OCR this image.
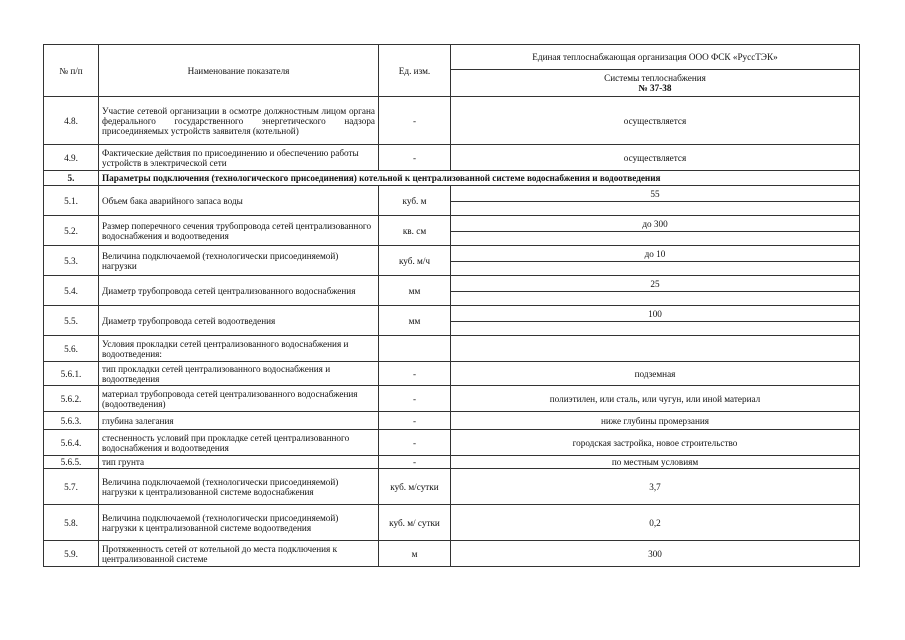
№ п/п	Наименование показателя	Ед. изм.	Единая теплоснабжающая организация ООО ФСК «РуссТЭК»

			Системы теплоснабжения
№ 37-38

4.8.	Участие сетевой организации в осмотре должностным лицом органа федерального государственного энергетического надзора присоединяемых устройств заявителя (котельной)	-	осуществляется
4.9.	Фактические действия по присоединению и обеспечению работы устройств в электрической сети	-	осуществляется
5.	Параметры подключения (технологического присоединения) котельной к централизованной системе водоснабжения и водоотведения		
5.1.	Объем бака аварийного запаса воды	куб. м	55

5.2.	Размер поперечного сечения трубопровода сетей централизованного водоснабжения и водоотведения	кв. см	до 300

5.3.	Величина подключаемой (технологически присоединяемой) нагрузки	куб. м/ч	до 10

5.4.	Диаметр трубопровода сетей централизованного водоснабжения	мм	25

5.5.	Диаметр трубопровода сетей водоотведения	мм	100

5.6.	Условия прокладки сетей централизованного водоснабжения и водоотведения:		
5.6.1.	тип прокладки сетей централизованного водоснабжения и водоотведения	-	подземная
5.6.2.	материал трубопровода сетей централизованного водоснабжения (водоотведения)	-	полиэтилен, или сталь, или чугун, или иной материал
5.6.3.	глубина залегания	-	ниже глубины промерзания
5.6.4.	стесненность условий при прокладке сетей централизованного водоснабжения и водоотведения	-	городская застройка, новое строительство
5.6.5.	тип грунта	-	по местным условиям
5.7.	Величина подключаемой (технологически присоединяемой) нагрузки к централизованной системе водоснабжения	куб. м/сутки	3,7
5.8.	Величина подключаемой (технологически присоединяемой) нагрузки к централизованной системе водоотведения	куб. м/ сутки	0,2
5.9.	Протяженность сетей от котельной до места подключения к централизованной системе	м	300
